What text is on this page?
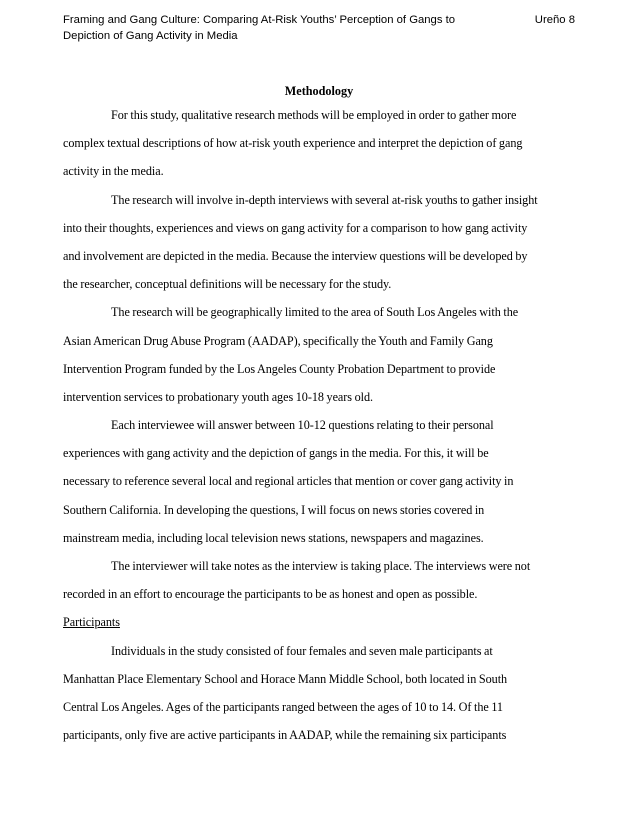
Framing and Gang Culture: Comparing At-Risk Youths’ Perception of Gangs to Depiction of Gang Activity in Media
Ureño 8
Methodology
For this study, qualitative research methods will be employed in order to gather more
complex textual descriptions of how at-risk youth experience and interpret the depiction of gang
activity in the media.
The research will involve in-depth interviews with several at-risk youths to gather insight
into their thoughts, experiences and views on gang activity for a comparison to how gang activity
and involvement are depicted in the media. Because the interview questions will be developed by
the researcher, conceptual definitions will be necessary for the study.
The research will be geographically limited to the area of South Los Angeles with the
Asian American Drug Abuse Program (AADAP), specifically the Youth and Family Gang
Intervention Program funded by the Los Angeles County Probation Department to provide
intervention services to probationary youth ages 10-18 years old.
Each interviewee will answer between 10-12 questions relating to their personal
experiences with gang activity and the depiction of gangs in the media. For this, it will be
necessary to reference several local and regional articles that mention or cover gang activity in
Southern California. In developing the questions, I will focus on news stories covered in
mainstream media, including local television news stations, newspapers and magazines.
The interviewer will take notes as the interview is taking place. The interviews were not
recorded in an effort to encourage the participants to be as honest and open as possible.
Participants
Individuals in the study consisted of four females and seven male participants at
Manhattan Place Elementary School and Horace Mann Middle School, both located in South
Central Los Angeles. Ages of the participants ranged between the ages of 10 to 14. Of the 11
participants, only five are active participants in AADAP, while the remaining six participants
